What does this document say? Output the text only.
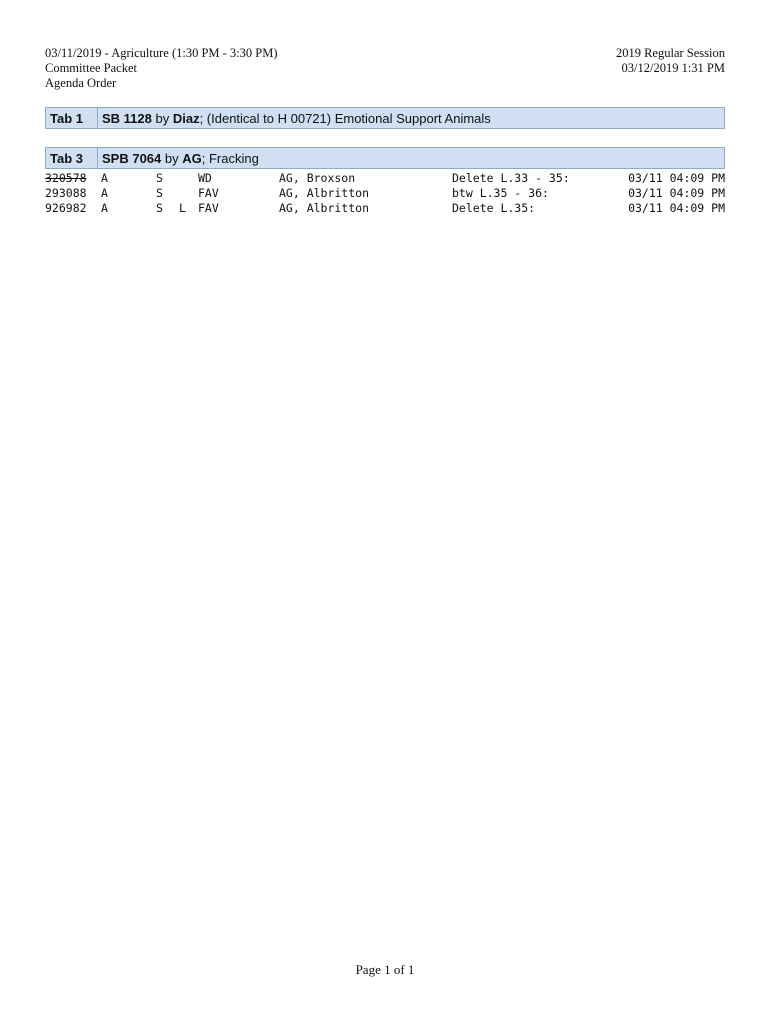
03/11/2019 - Agriculture (1:30 PM - 3:30 PM)
Committee Packet
Agenda Order
2019 Regular Session
03/12/2019 1:31 PM
Tab 1	SB 1128 by Diaz; (Identical to H 00721) Emotional Support Animals
Tab 3	SPB 7064 by AG; Fracking
320578 A	S	WD	AG, Broxson	Delete L.33 - 35:	03/11 04:09 PM
293088 A	S	FAV	AG, Albritton	btw L.35 - 36:	03/11 04:09 PM
926982 A	S L FAV	AG, Albritton	Delete L.35:	03/11 04:09 PM
Page 1 of 1
